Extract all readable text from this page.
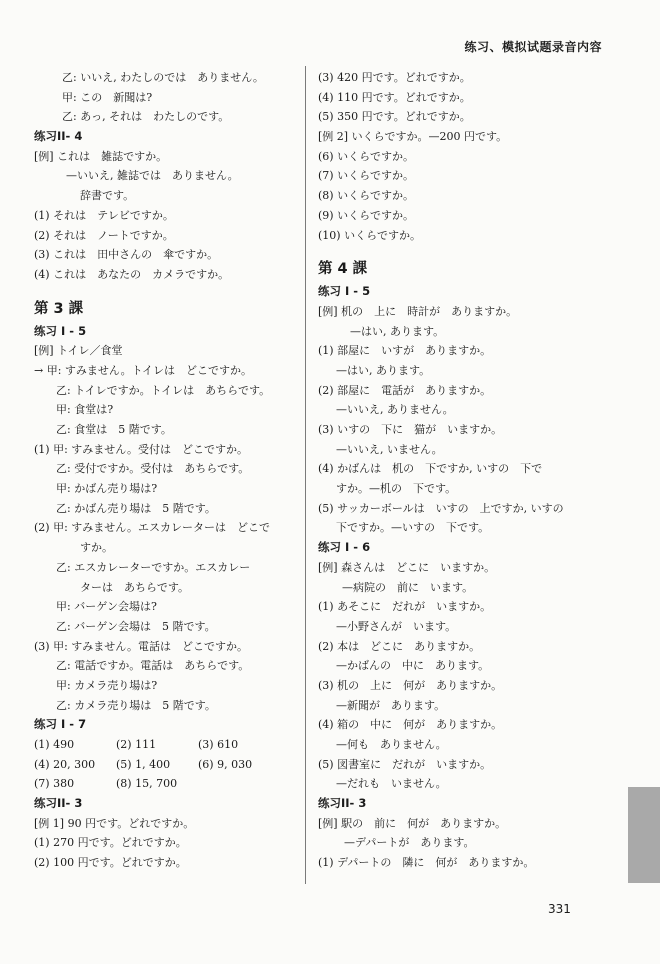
练习、模拟试题录音内容
乙: いいえ, わたしのでは　ありません。
甲: この　新聞は?
乙: あっ, それは　わたしのです。
练习II- 4
[例] これは　雑誌ですか。
—いいえ, 雑誌では　ありません。
辞書です。
(1) それは　テレビですか。
(2) それは　ノートですか。
(3) これは　田中さんの　傘ですか。
(4) これは　あなたの　カメラですか。
第 3 課
练习 I - 5
[例] トイレ／食堂
→ 甲: すみません。トイレは　どこですか。
乙: トイレですか。トイレは　あちらです。
甲: 食堂は?
乙: 食堂は　5 階です。
(1) 甲: すみません。受付は　どこですか。
乙: 受付ですか。受付は　あちらです。
甲: かばん売り場は?
乙: かばん売り場は　5 階です。
(2) 甲: すみません。エスカレーターは　どこで
すか。
乙: エスカレーターですか。エスカレー
ターは　あちらです。
甲: バーゲン会場は?
乙: バーゲン会場は　5 階です。
(3) 甲: すみません。電話は　どこですか。
乙: 電話ですか。電話は　あちらです。
甲: カメラ売り場は?
乙: カメラ売り場は　5 階です。
练习 I - 7
(1) 490	(2) 111	(3) 610
(4) 20, 300	(5) 1, 400	(6) 9, 030
(7) 380	(8) 15, 700
练习II- 3
[例 1] 90 円です。どれですか。
(1) 270 円です。どれですか。
(2) 100 円です。どれですか。
(3) 420 円です。どれですか。
(4) 110 円です。どれですか。
(5) 350 円です。どれですか。
[例 2] いくらですか。—200 円です。
(6) いくらですか。
(7) いくらですか。
(8) いくらですか。
(9) いくらですか。
(10) いくらですか。
第 4 課
练习 I - 5
[例] 机の　上に　時計が　ありますか。
—はい, あります。
(1) 部屋に　いすが　ありますか。
—はい, あります。
(2) 部屋に　電話が　ありますか。
—いいえ, ありません。
(3) いすの　下に　猫が　いますか。
—いいえ, いません。
(4) かばんは　机の　下ですか, いすの　下で
すか。—机の　下です。
(5) サッカーボールは　いすの　上ですか, いすの
下ですか。—いすの　下です。
练习 I - 6
[例] 森さんは　どこに　いますか。
—病院の　前に　います。
(1) あそこに　だれが　いますか。
—小野さんが　います。
(2) 本は　どこに　ありますか。
—かばんの　中に　あります。
(3) 机の　上に　何が　ありますか。
—新聞が　あります。
(4) 箱の　中に　何が　ありますか。
—何も　ありません。
(5) 図書室に　だれが　いますか。
—だれも　いません。
练习II- 3
[例] 駅の　前に　何が　ありますか。
—デパートが　あります。
(1) デパートの　隣に　何が　ありますか。
331
